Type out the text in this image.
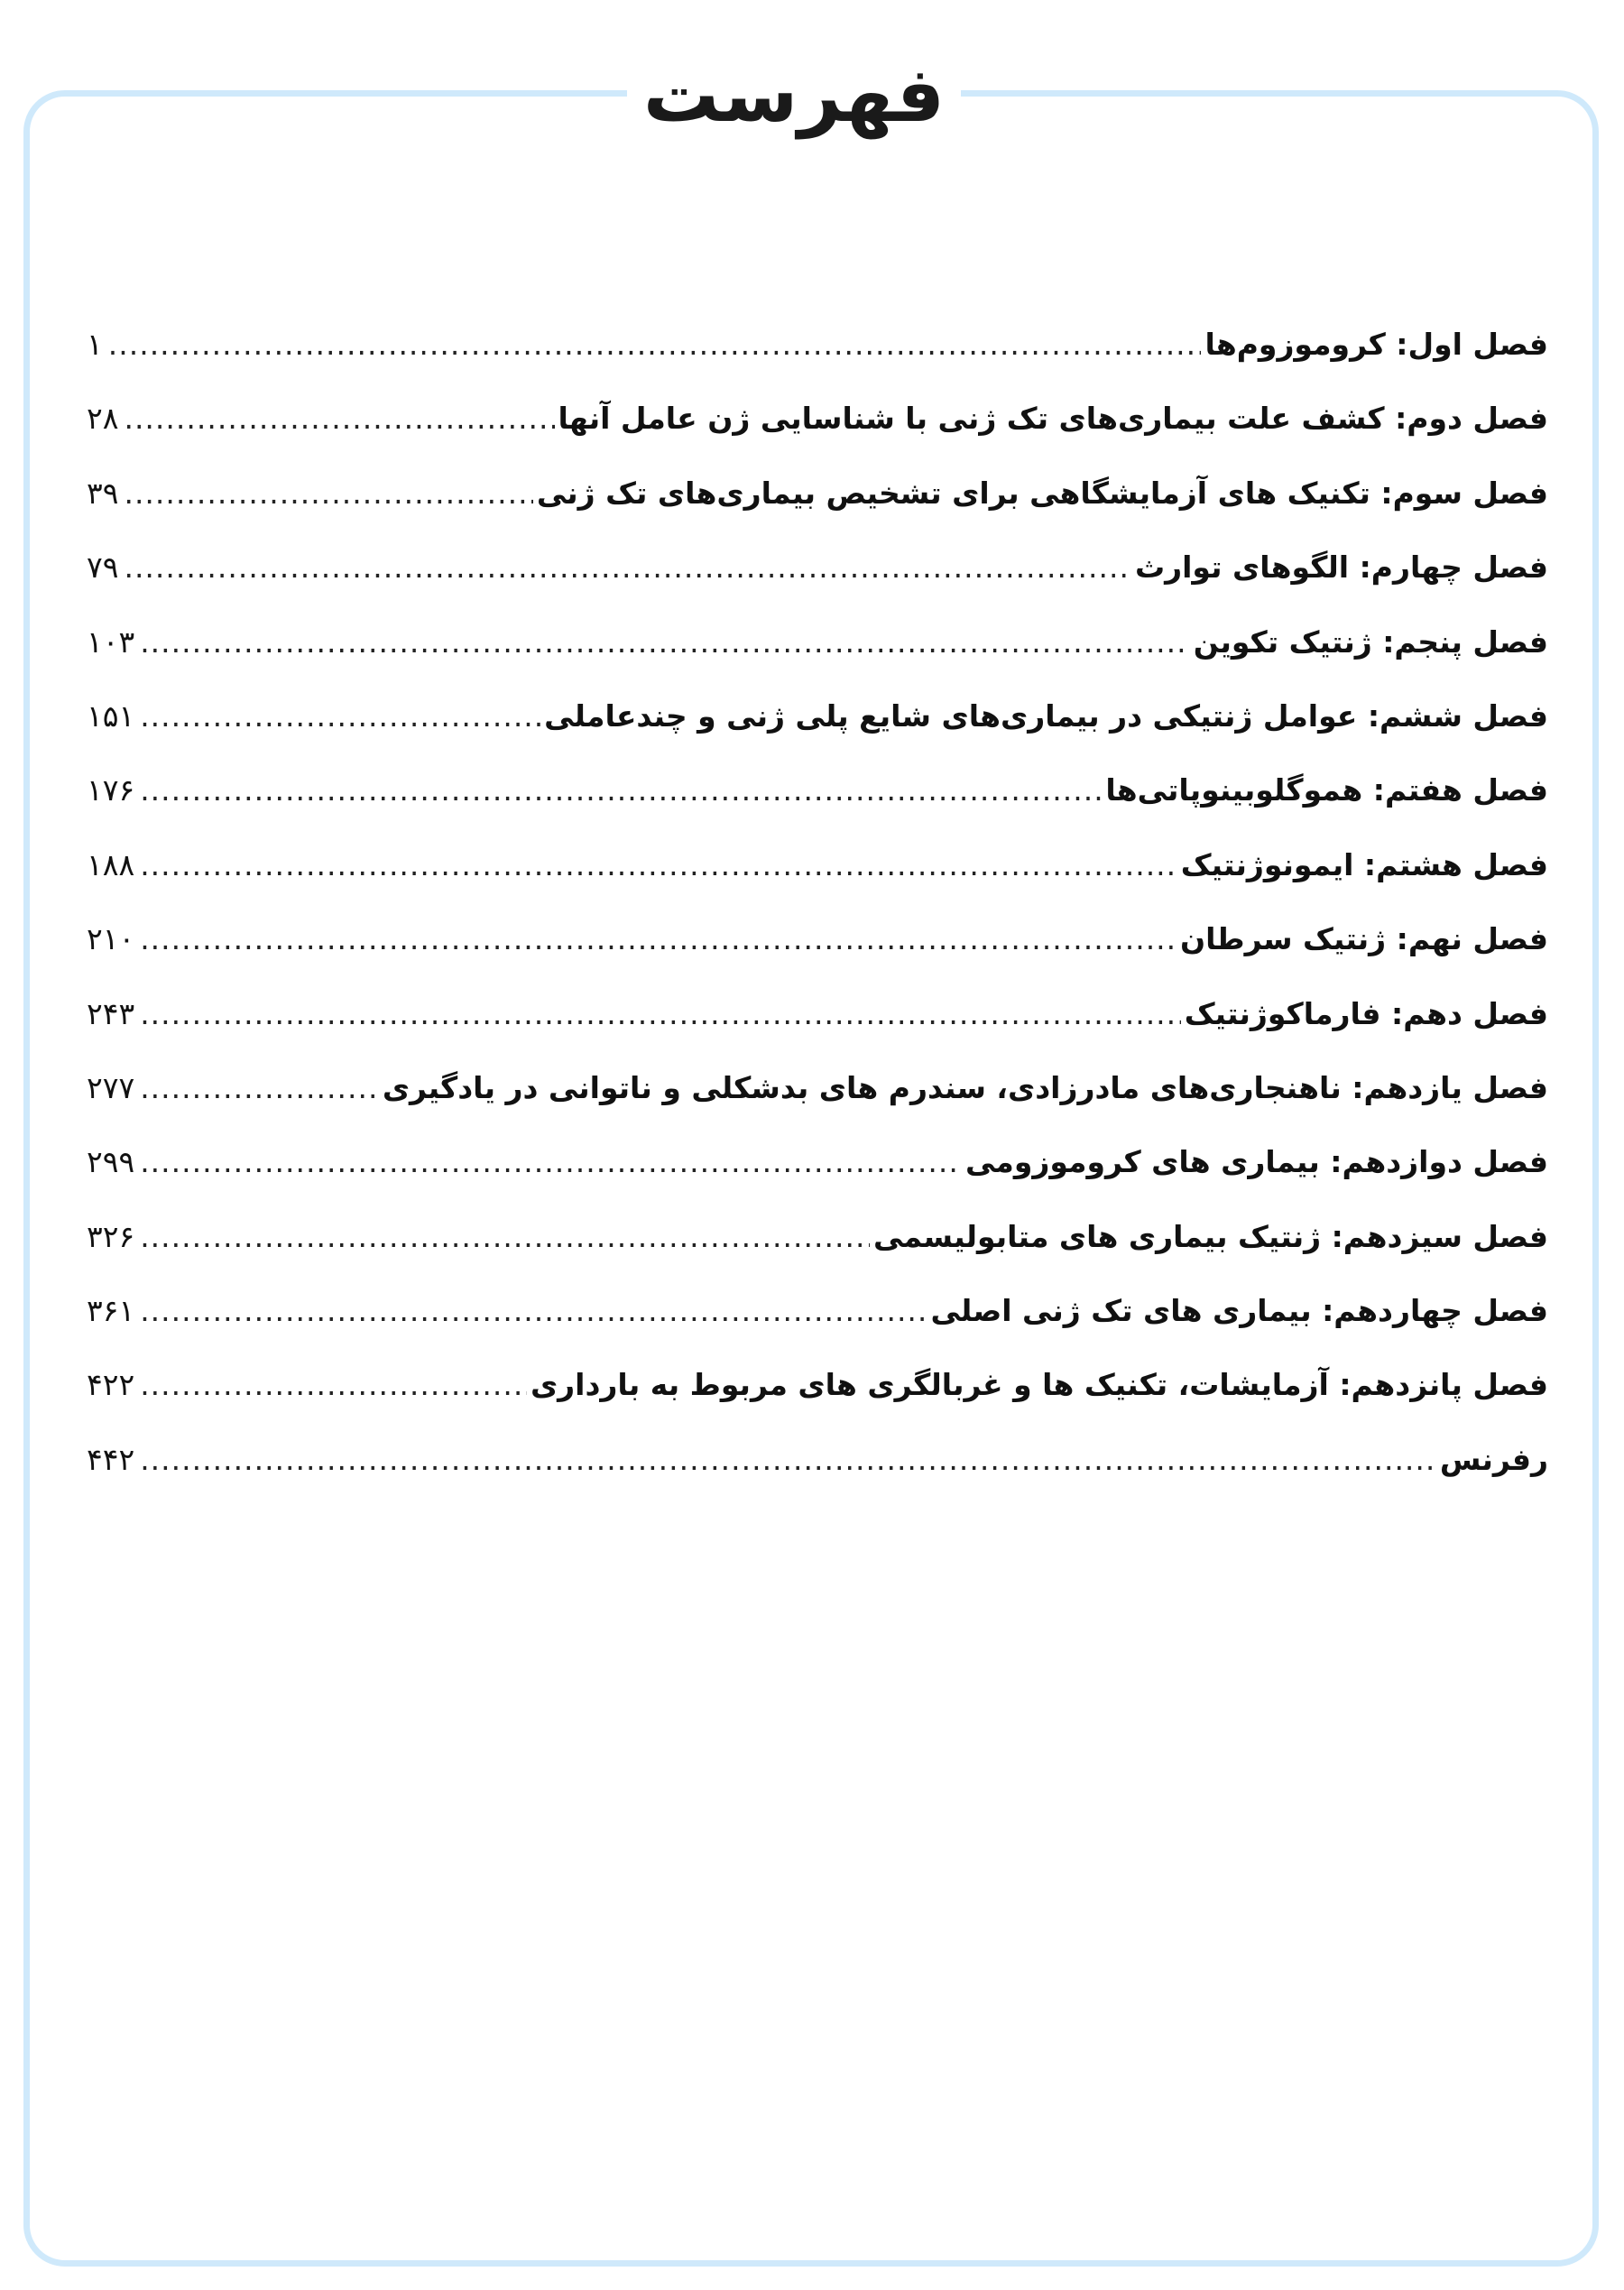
فهرست
فصل اول: کروموزوم‌ها
.....
۱
فصل دوم: کشف علت بیماری‌های تک ژنی با شناسایی ژن عامل آنها
.....
۲۸
فصل سوم: تکنیک های آزمایشگاهی برای تشخیص بیماری‌های تک ژنی
.....
۳۹
فصل چهارم: الگوهای توارث
.....
۷۹
فصل پنجم: ژنتیک تکوین
.....
۱۰۳
فصل ششم: عوامل ژنتیکی در بیماری‌های شایع پلی ژنی و چندعاملی
.....
۱۵۱
فصل هفتم: هموگلوبینوپاتی‌ها
.....
۱۷۶
فصل هشتم: ایمونوژنتیک
.....
۱۸۸
فصل نهم: ژنتیک سرطان
.....
۲۱۰
فصل دهم: فارماکوژنتیک
.....
۲۴۳
فصل یازدهم: ناهنجاری‌های مادرزادی، سندرم های بدشکلی و ناتوانی در یادگیری
.....
۲۷۷
فصل دوازدهم: بیماری های کروموزومی
.....
۲۹۹
فصل سیزدهم: ژنتیک بیماری های متابولیسمی
.....
۳۲۶
فصل چهاردهم: بیماری های تک ژنی اصلی
.....
۳۶۱
فصل پانزدهم: آزمایشات، تکنیک ها و غربالگری های مربوط به بارداری
.....
۴۲۲
رفرنس
.....
۴۴۲
